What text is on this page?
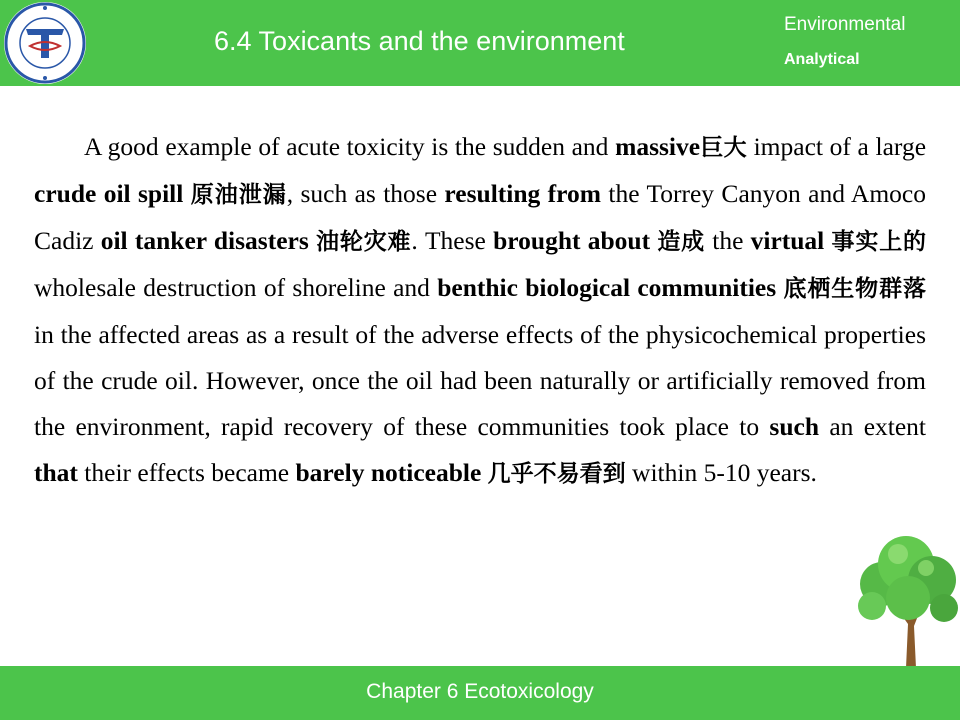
6.4 Toxicants and the environment
Environmental
Analytical
A good example of acute toxicity is the sudden and massive巨大 impact of a large crude oil spill 原油泄漏, such as those resulting from the Torrey Canyon and Amoco Cadiz oil tanker disasters 油轮灾难. These brought about 造成 the virtual 事实上的 wholesale destruction of shoreline and benthic biological communities 底栖生物群落 in the affected areas as a result of the adverse effects of the physicochemical properties of the crude oil. However, once the oil had been naturally or artificially removed from the environment, rapid recovery of these communities took place to such an extent that their effects became barely noticeable 几乎不易看到 within 5-10 years.
Chapter 6 Ecotoxicology
